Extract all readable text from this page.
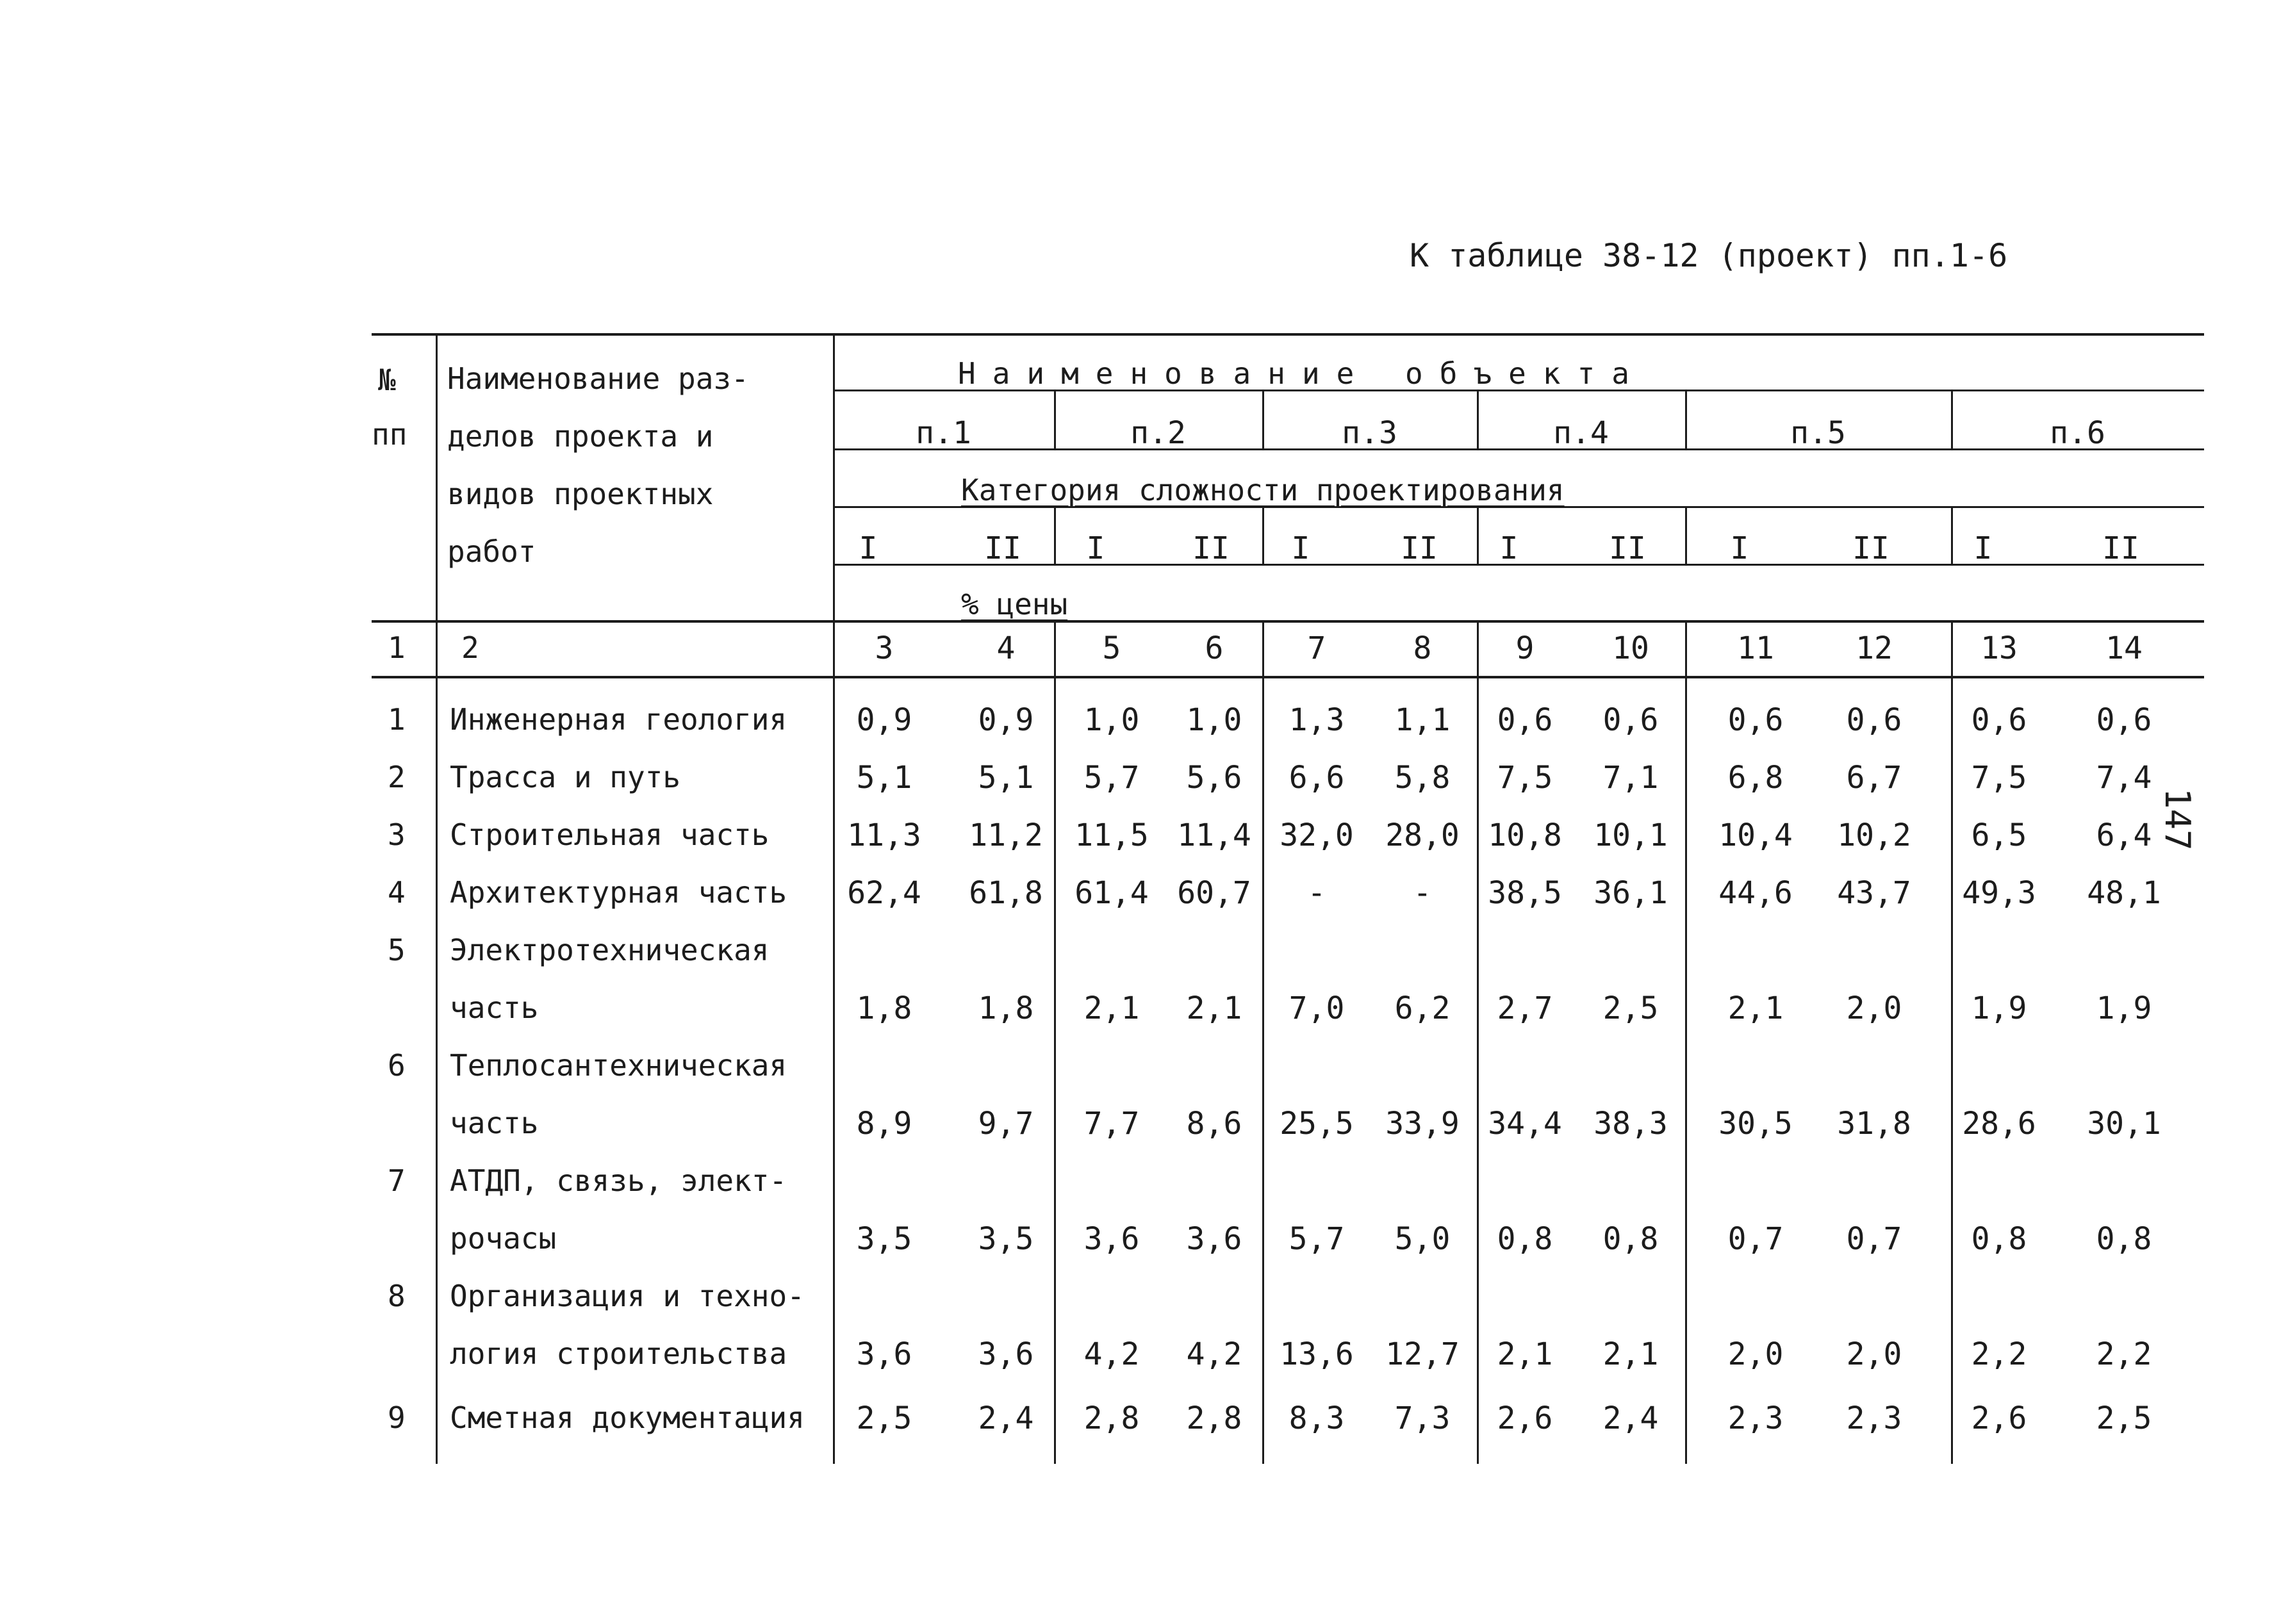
К таблице 38-12 (проект) пп.1-6
147
№
пп
Наименование раз-
делов проекта и
видов проектных
работ
Наименование объекта
п.1	п.2	п.3	п.4	п.5	п.6
Категория сложности проектирования
I	II I	II I	II I	II	I	II	I	II
% цены
1 2	3	4	5	6	7	8	9	10	11	12	13	14
1 Инженерная геология 0,9 0,9 1,0 1,0 1,3 1,1 0,6 0,6 0,6 0,6 0,6 0,6
2 Трасса и путь	5,1 5,1 5,7 5,6 6,6 5,8 7,5 7,1 6,8 6,7 7,5 7,4
3 Строительная часть	11,3 11,2 11,5 11,4 32,0 28,0 10,8 10,1 10,4 10,2 6,5 6,4
4 Архитектурная часть 62,4 61,8 61,4 60,7 -	- 38,5 36,1 44,6 43,7 49,3 48,1
5 Электротехническая
часть	1,8 1,8 2,1 2,1 7,0 6,2 2,7 2,5 2,1 2,0 1,9 1,9
6 Теплосантехническая
часть	8,9 9,7 7,7 8,6 25,5 33,9 34,4 38,3 30,5 31,8 28,6 30,1
7 АТДП, связь, элект-
рочасы	3,5 3,5 3,6 3,6 5,7 5,0 0,8 0,8 0,7 0,7 0,8 0,8
8 Организация и техно-
логия строительства 3,6 3,6 4,2 4,2 13,6 12,7 2,1 2,1 2,0 2,0 2,2 2,2
9 Сметная документация 2,5 2,4 2,8 2,8 8,3 7,3 2,6 2,4 2,3 2,3 2,6 2,5
